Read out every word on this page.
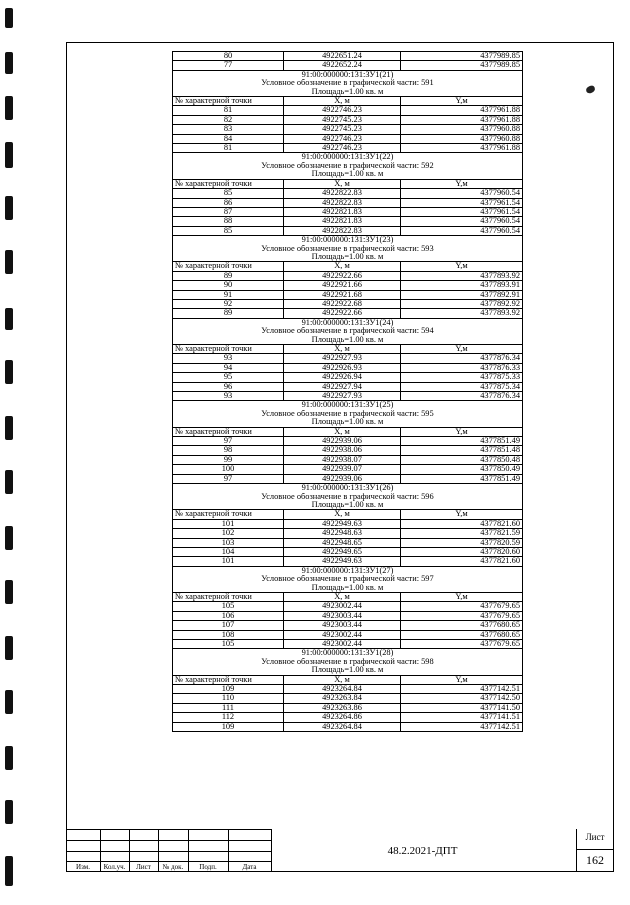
80	4922651.24	4377989.85
77	4922652.24	4377989.85
91:00:000000:131:ЗУ1(21)		
Условное обозначение в графической части: 591		
Площадь=1.00 кв. м		
№ характерной точки	X, м	Y,м
81	4922746.23	4377961.88
82	4922745.23	4377961.88
83	4922745.23	4377960.88
84	4922746.23	4377960.88
81	4922746.23	4377961.88
91:00:000000:131:ЗУ1(22)		
Условное обозначение в графической части: 592		
Площадь=1.00 кв. м		
№ характерной точки	X, м	Y,м
85	4922822.83	4377960.54
86	4922822.83	4377961.54
87	4922821.83	4377961.54
88	4922821.83	4377960.54
85	4922822.83	4377960.54
91:00:000000:131:ЗУ1(23)		
Условное обозначение в графической части: 593		
Площадь=1.00 кв. м		
№ характерной точки	X, м	Y,м
89	4922922.66	4377893.92
90	4922921.66	4377893.91
91	4922921.68	4377892.91
92	4922922.68	4377892.92
89	4922922.66	4377893.92
91:00:000000:131:ЗУ1(24)		
Условное обозначение в графической части: 594		
Площадь=1.00 кв. м		
№ характерной точки	X, м	Y,м
93	4922927.93	4377876.34
94	4922926.93	4377876.33
95	4922926.94	4377875.33
96	4922927.94	4377875.34
93	4922927.93	4377876.34
91:00:000000:131:ЗУ1(25)		
Условное обозначение в графической части: 595		
Площадь=1.00 кв. м		
№ характерной точки	X, м	Y,м
97	4922939.06	4377851.49
98	4922938.06	4377851.48
99	4922938.07	4377850.48
100	4922939.07	4377850.49
97	4922939.06	4377851.49
91:00:000000:131:ЗУ1(26)		
Условное обозначение в графической части: 596		
Площадь=1.00 кв. м		
№ характерной точки	X, м	Y,м
101	4922949.63	4377821.60
102	4922948.63	4377821.59
103	4922948.65	4377820.59
104	4922949.65	4377820.60
101	4922949.63	4377821.60
91:00:000000:131:ЗУ1(27)		
Условное обозначение в графической части: 597		
Площадь=1.00 кв. м		
№ характерной точки	X, м	Y,м
105	4923002.44	4377679.65
106	4923003.44	4377679.65
107	4923003.44	4377680.65
108	4923002.44	4377680.65
105	4923002.44	4377679.65
91:00:000000:131:ЗУ1(28)		
Условное обозначение в графической части: 598		
Площадь=1.00 кв. м		
№ характерной точки	X, м	Y,м
109	4923264.84	4377142.51
110	4923263.84	4377142.50
111	4923263.86	4377141.50
112	4923264.86	4377141.51
109	4923264.84	4377142.51
Изм.	Кол.уч.	Лист	№ док.	Подп.	Дата
48.2.2021-ДПТ
Лист
162
